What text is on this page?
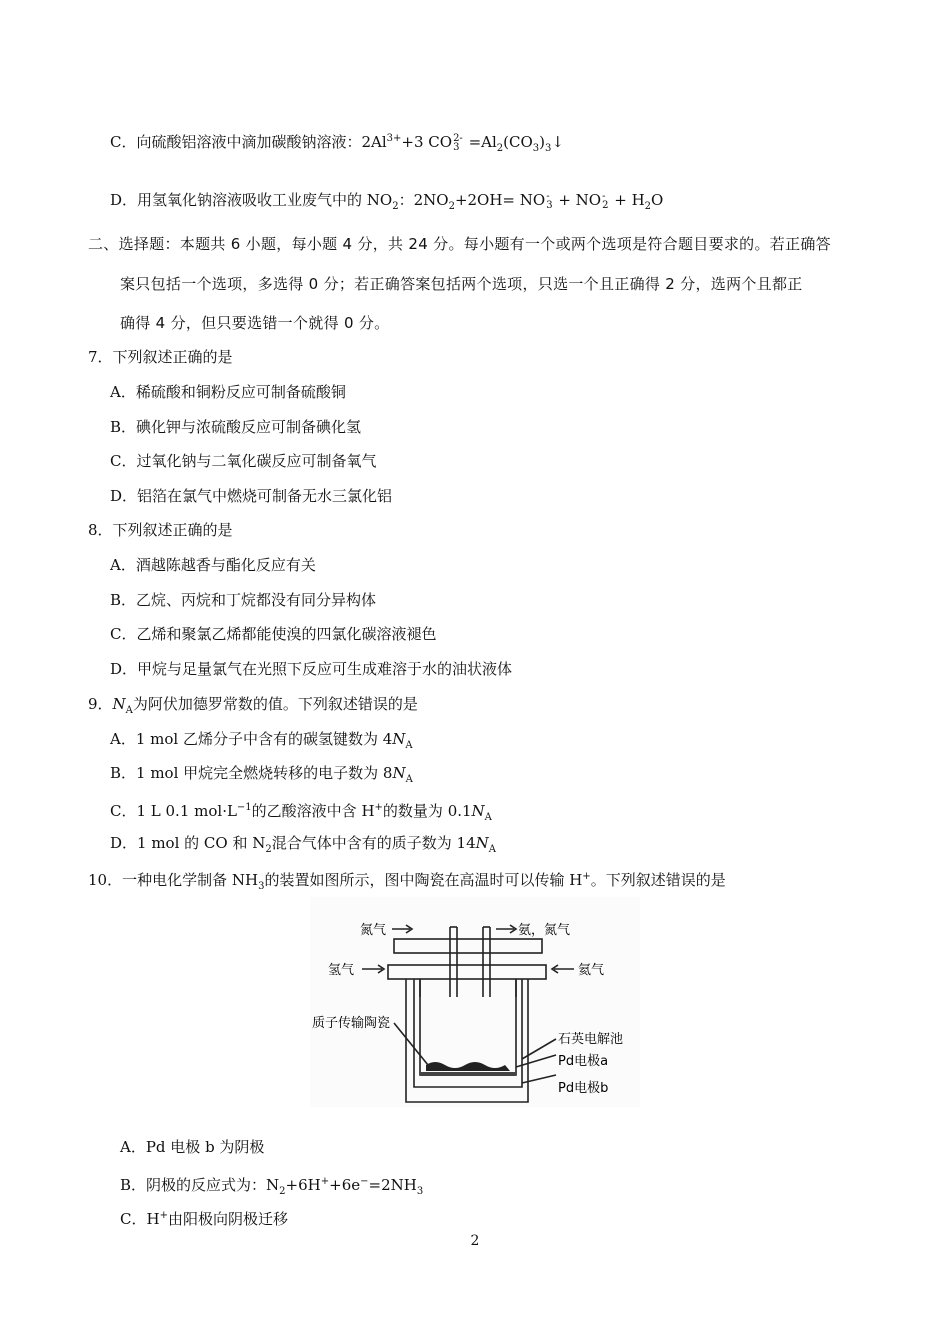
C．向硫酸铝溶液中滴加碳酸钠溶液：$2Al^{3+}+3$ CO 2-
$3 =Al_2(CO_3)_3↓$
D．用氢氧化钠溶液吸收工业废气中的 $NO_2$：$2NO_2+2OH=$ NO -
3 + NO -
$2 + H_2O$
二、选择题：本题共 6 小题，每小题 4 分，共 24 分。每小题有一个或两个选项是符合题目要求的。若正确答
案只包括一个选项，多选得 0 分；若正确答案包括两个选项，只选一个且正确得 2 分，选两个且都正
确得 4 分，但只要选错一个就得 0 分。
7．下列叙述正确的是
A．稀硫酸和铜粉反应可制备硫酸铜
B．碘化钾与浓硫酸反应可制备碘化氢
C．过氧化钠与二氧化碳反应可制备氧气
D．铝箔在氯气中燃烧可制备无水三氯化铝
8．下列叙述正确的是
A．酒越陈越香与酯化反应有关
B．乙烷、丙烷和丁烷都没有同分异构体
C．乙烯和聚氯乙烯都能使溴的四氯化碳溶液褪色
D．甲烷与足量氯气在光照下反应可生成难溶于水的油状液体
9．$N_A$为阿伏加德罗常数的值。下列叙述错误的是
A．1 mol 乙烯分子中含有的碳氢键数为 $4N_A$
B．1 mol 甲烷完全燃烧转移的电子数为 $8N_A$
C．1 L 0.1 $mol\cdot L^{-1}$的乙酸溶液中含 H+的数量为 $0.1N_A$
D．1 mol 的 CO 和 $N_2$混合气体中含有的质子数为 $14N_A$
10．一种电化学制备 $NH_3$的装置如图所示，图中陶瓷在高温时可以传输 H+。下列叙述错误的是
氮气	氨，氮气
氢气	氦气
质子传输陶瓷
石英电解池
Pd电极a
Pd电极b
A．Pd 电极 b 为阴极
B．阴极的反应式为：$N_2+6H^++6e^-=2NH_3$
C．H+由阳极向阴极迁移
2
